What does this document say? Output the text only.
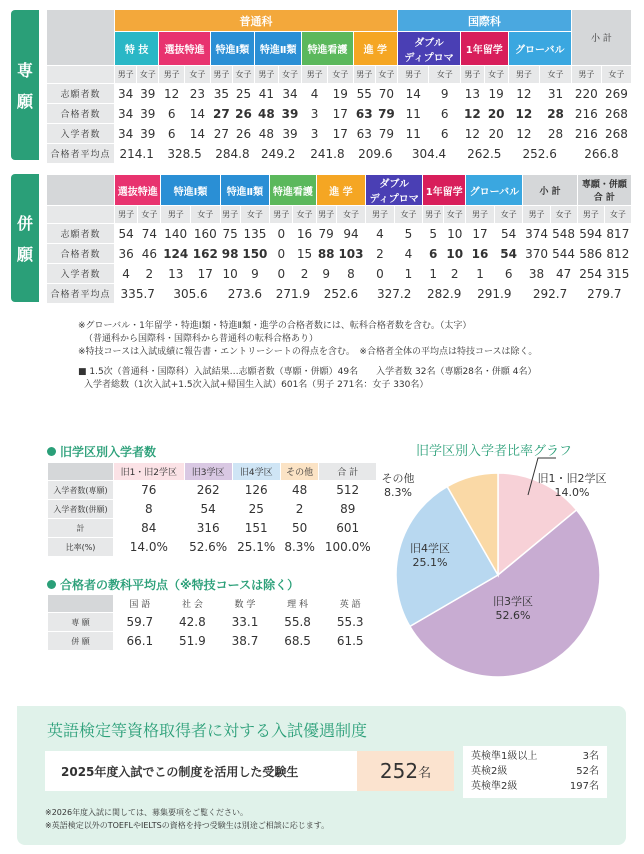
専
願
	普通科												国際科						小 計	
	特 技		選抜特進		特進Ⅰ類		特進Ⅱ類		特進看護		進 学		ダブル
ディプロマ		1年留学		グローバル			
	男子	女子	男子	女子	男子	女子	男子	女子	男子	女子	男子	女子	男子	女子	男子	女子	男子	女子	男子	女子
志願者数	34	39	12	23	35	25	41	34	4	19	55	70	14	9	13	19	12	31	220	269
合格者数	34	39	6	14	27	26	48	39	3	17	63	79	11	6	12	20	12	28	216	268
入学者数	34	39	6	14	27	26	48	39	3	17	63	79	11	6	12	20	12	28	216	268
合格者平均点	214.1		328.5		284.8		249.2		241.8		209.6		304.4		262.5		252.6		266.8	
併
願
	選抜特進		特進Ⅰ類		特進Ⅱ類		特進看護		進 学		ダブル
ディプロマ		1年留学		グローバル		小 計		専願・併願
合 計	
	男子	女子	男子	女子	男子	女子	男子	女子	男子	女子	男子	女子	男子	女子	男子	女子	男子	女子	男子	女子
志願者数	54	74	140	160	75	135	0	16	79	94	4	5	5	10	17	54	374	548	594	817
合格者数	36	46	124	162	98	150	0	15	88	103	2	4	6	10	16	54	370	544	586	812
入学者数	4	2	13	17	10	9	0	2	9	8	0	1	1	2	1	6	38	47	254	315
合格者平均点	335.7		305.6		273.6		271.9		252.6		327.2		282.9		291.9		292.7		279.7	
※グローバル・1年留学・特進Ⅰ類・特進Ⅱ類・進学の合格者数には、転科合格者数を含む。（太字）
（普通科から国際科・国際科から普通科の転科合格あり）
※特技コースは入試成績に報告書・エントリーシートの得点を含む。　※合格者全体の平均点は特技コースは除く。
■ 1.5次（普通科・国際科）入試結果…志願者数（専願・併願）49名　　入学者数 32名（専願28名・併願 4名）
入学者総数（1次入試+1.5次入試+帰国生入試）601名（男子 271名：女子 330名）
旧学区別入学者数
	旧1・旧2学区	旧3学区	旧4学区	その他	合 計
入学者数(専願)	76	262	126	48	512
入学者数(併願)	8	54	25	2	89
計	84	316	151	50	601
比率(%)	14.0%	52.6%	25.1%	8.3%	100.0%
合格者の教科平均点（※特技コースは除く）
	国 語	社 会	数 学	理 科	英 語
専 願	59.7	42.8	33.1	55.8	55.3
併 願	66.1	51.9	38.7	68.5	61.5
旧学区別入学者比率グラフ
旧1・旧2学区
14.0%
旧3学区
52.6%
旧4学区
25.1%
その他
8.3%
英語検定等資格取得者に対する入試優遇制度
2025年度入試でこの制度を活用した受験生	252 名
英検準1級以上	3名
英検2級	52名
英検準2級	197名
※2026年度入試に関しては、募集要項をご覧ください。
※英語検定以外のTOEFLやIELTSの資格を持つ受験生は別途ご相談に応じます。
